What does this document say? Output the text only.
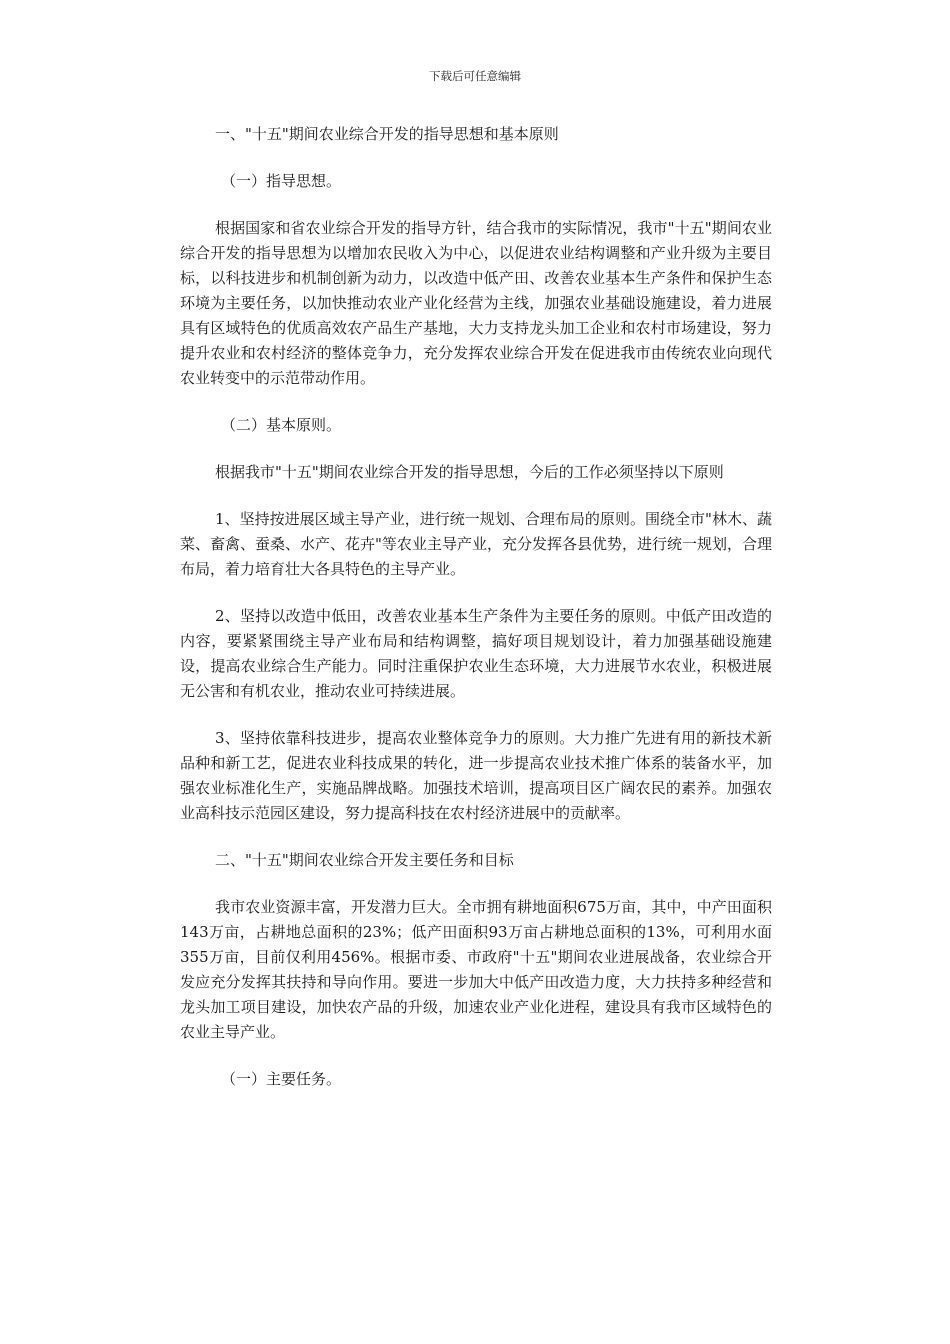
下载后可任意编辑
一、"十五"期间农业综合开发的指导思想和基本原则
（一）指导思想。

根据国家和省农业综合开发的指导方针，结合我市的实际情况，我市"十五"期间农业综合开发的指导思想为以增加农民收入为中心，以促进农业结构调整和产业升级为主要目标，以科技进步和机制创新为动力，以改造中低产田、改善农业基本生产条件和保护生态环境为主要任务，以加快推动农业产业化经营为主线，加强农业基础设施建设，着力进展具有区域特色的优质高效农产品生产基地，大力支持龙头加工企业和农村市场建设，努力提升农业和农村经济的整体竞争力，充分发挥农业综合开发在促进我市由传统农业向现代农业转变中的示范带动作用。

（二）基本原则。

根据我市"十五"期间农业综合开发的指导思想，今后的工作必须坚持以下原则

1、坚持按进展区域主导产业，进行统一规划、合理布局的原则。围绕全市"林木、蔬菜、畜禽、蚕桑、水产、花卉"等农业主导产业，充分发挥各县优势，进行统一规划，合理布局，着力培育壮大各具特色的主导产业。

2、坚持以改造中低田，改善农业基本生产条件为主要任务的原则。中低产田改造的内容，要紧紧围绕主导产业布局和结构调整，搞好项目规划设计，着力加强基础设施建设，提高农业综合生产能力。同时注重保护农业生态环境，大力进展节水农业，积极进展无公害和有机农业，推动农业可持续进展。

3、坚持依靠科技进步，提高农业整体竞争力的原则。大力推广先进有用的新技术新品种和新工艺，促进农业科技成果的转化，进一步提高农业技术推广体系的装备水平，加强农业标准化生产，实施品牌战略。加强技术培训，提高项目区广阔农民的素养。加强农业高科技示范园区建设，努力提高科技在农村经济进展中的贡献率。

二、"十五"期间农业综合开发主要任务和目标

我市农业资源丰富，开发潜力巨大。全市拥有耕地面积675万亩，其中，中产田面积143万亩，占耕地总面积的23%；低产田面积93万亩占耕地总面积的13%，可利用水面355万亩，目前仅利用456%。根据市委、市政府"十五"期间农业进展战备，农业综合开发应充分发挥其扶持和导向作用。要进一步加大中低产田改造力度，大力扶持多种经营和龙头加工项目建设，加快农产品的升级，加速农业产业化进程，建设具有我市区域特色的农业主导产业。

（一）主要任务。
